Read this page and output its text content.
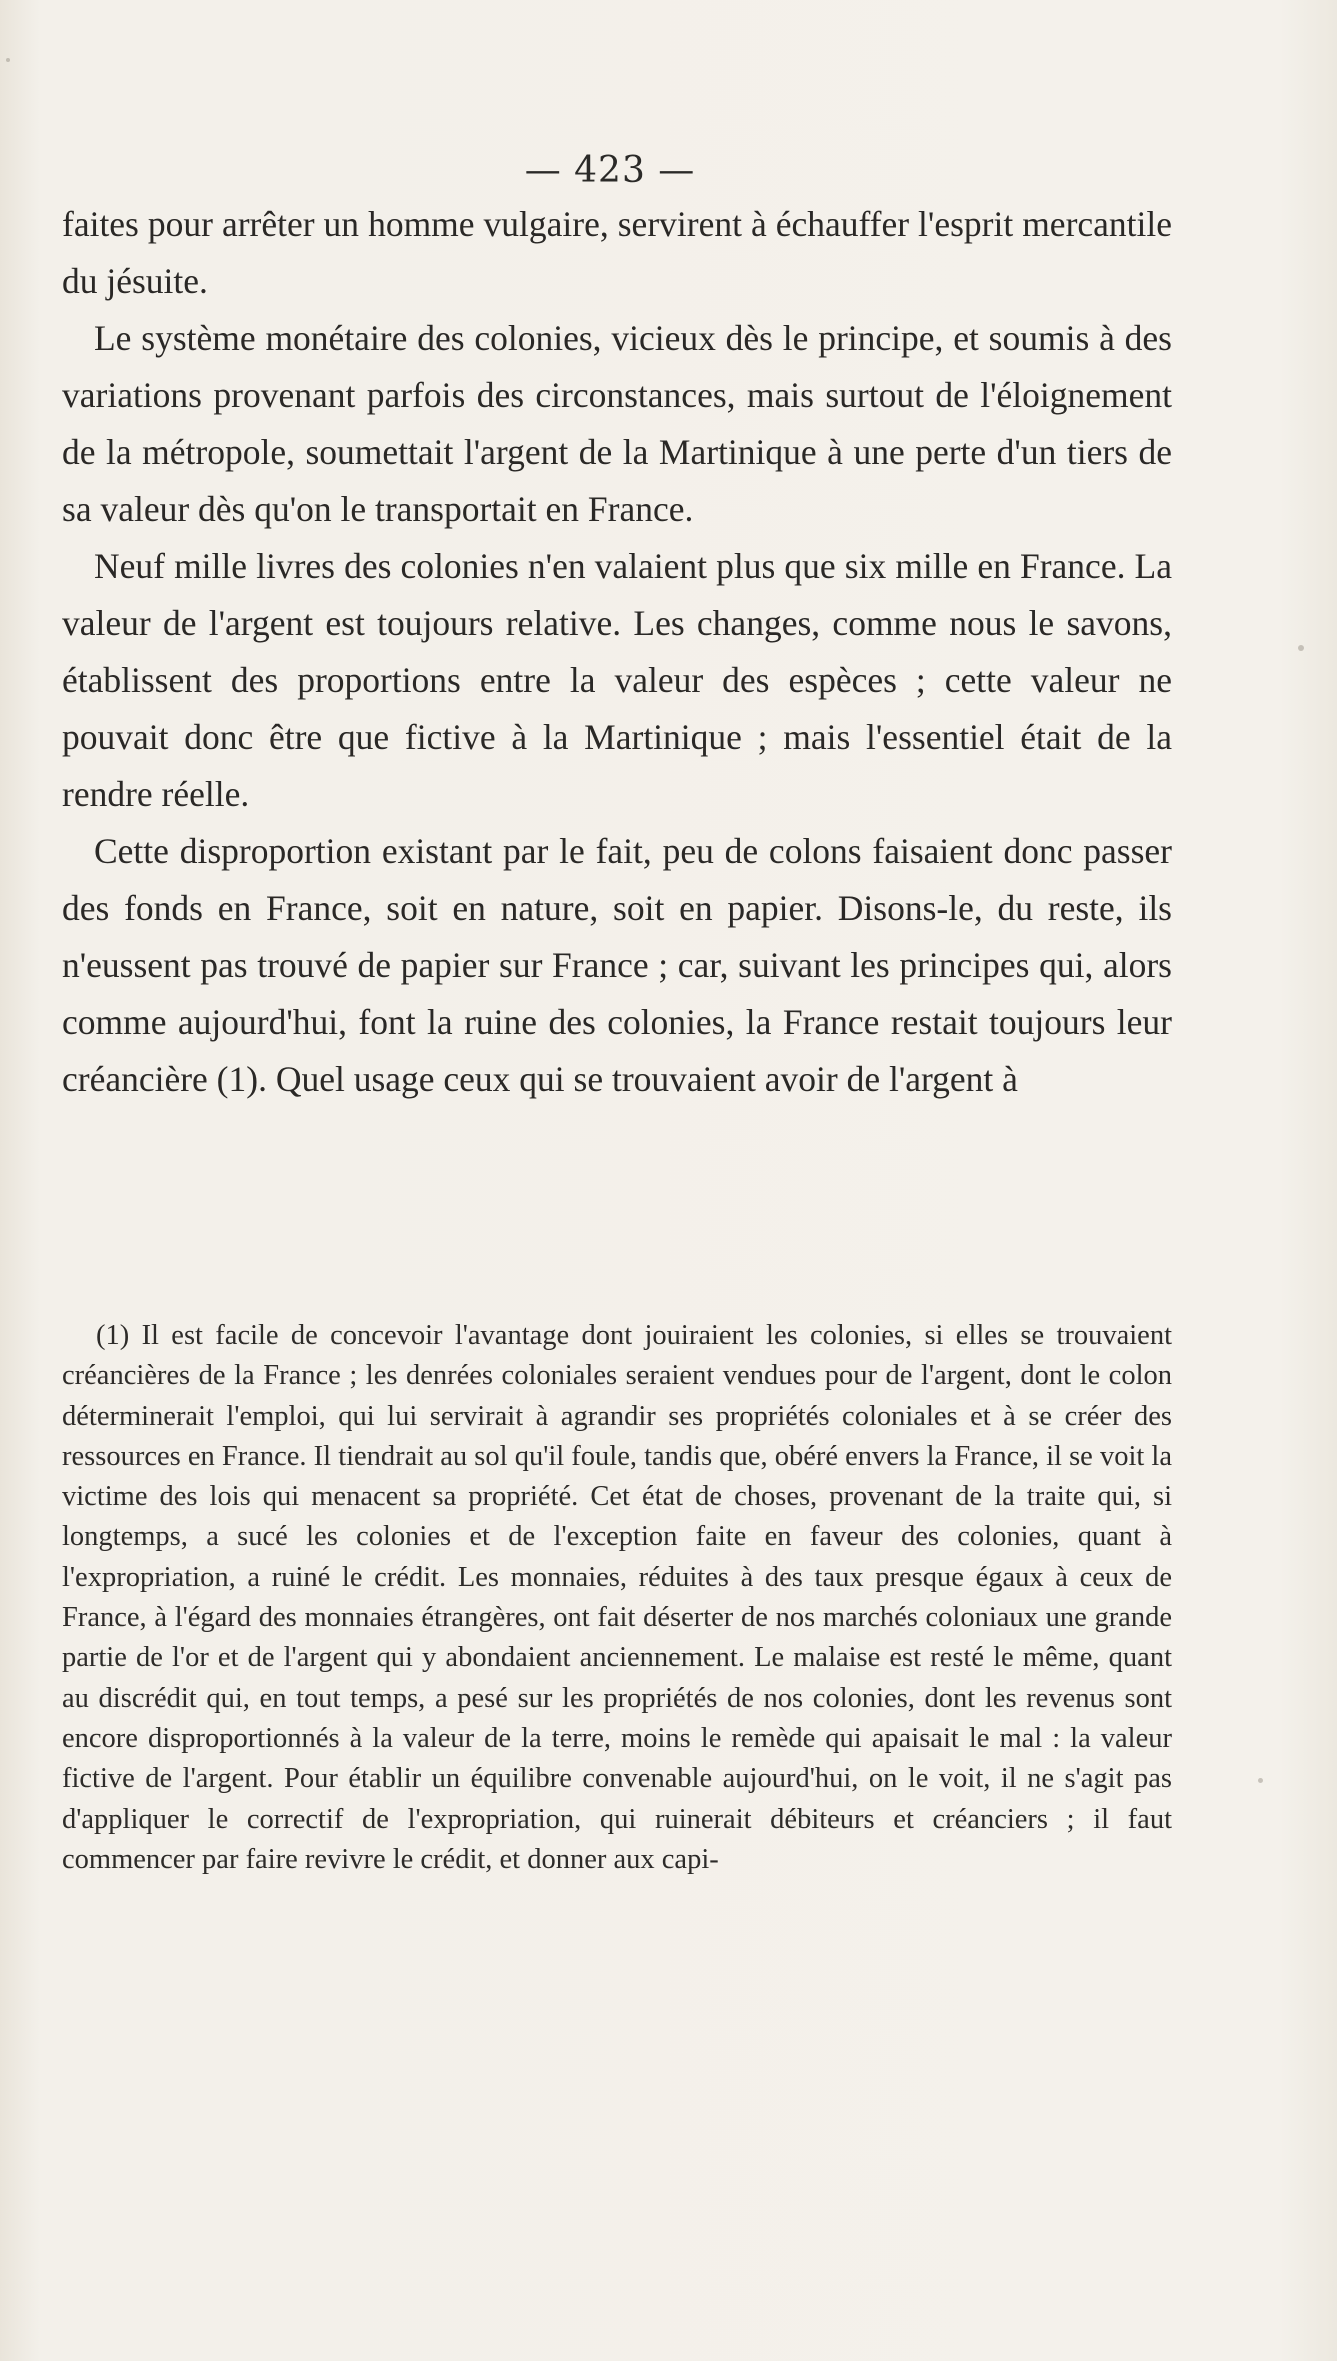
— 423 —

faites pour arrêter un homme vulgaire, servirent à échauffer l'esprit mercantile du jésuite.

Le système monétaire des colonies, vicieux dès le principe, et soumis à des variations provenant parfois des circonstances, mais surtout de l'éloignement de la métropole, soumettait l'argent de la Martinique à une perte d'un tiers de sa valeur dès qu'on le transportait en France.

Neuf mille livres des colonies n'en valaient plus que six mille en France. La valeur de l'argent est toujours relative. Les changes, comme nous le savons, établissent des proportions entre la valeur des espèces ; cette valeur ne pouvait donc être que fictive à la Martinique ; mais l'essentiel était de la rendre réelle.

Cette disproportion existant par le fait, peu de colons faisaient donc passer des fonds en France, soit en nature, soit en papier. Disons-le, du reste, ils n'eussent pas trouvé de papier sur France ; car, suivant les principes qui, alors comme aujourd'hui, font la ruine des colonies, la France restait toujours leur créancière (1). Quel usage ceux qui se trouvaient avoir de l'argent à

(1) Il est facile de concevoir l'avantage dont jouiraient les colonies, si elles se trouvaient créancières de la France ; les denrées coloniales seraient vendues pour de l'argent, dont le colon déterminerait l'emploi, qui lui servirait à agrandir ses propriétés coloniales et à se créer des ressources en France. Il tiendrait au sol qu'il foule, tandis que, obéré envers la France, il se voit la victime des lois qui menacent sa propriété. Cet état de choses, provenant de la traite qui, si longtemps, a sucé les colonies et de l'exception faite en faveur des colonies, quant à l'expropriation, a ruiné le crédit. Les monnaies, réduites à des taux presque égaux à ceux de France, à l'égard des monnaies étrangères, ont fait déserter de nos marchés coloniaux une grande partie de l'or et de l'argent qui y abondaient anciennement. Le malaise est resté le même, quant au discrédit qui, en tout temps, a pesé sur les propriétés de nos colonies, dont les revenus sont encore disproportionnés à la valeur de la terre, moins le remède qui apaisait le mal : la valeur fictive de l'argent. Pour établir un équilibre convenable aujourd'hui, on le voit, il ne s'agit pas d'appliquer le correctif de l'expropriation, qui ruinerait débiteurs et créanciers ; il faut commencer par faire revivre le crédit, et donner aux capi-
